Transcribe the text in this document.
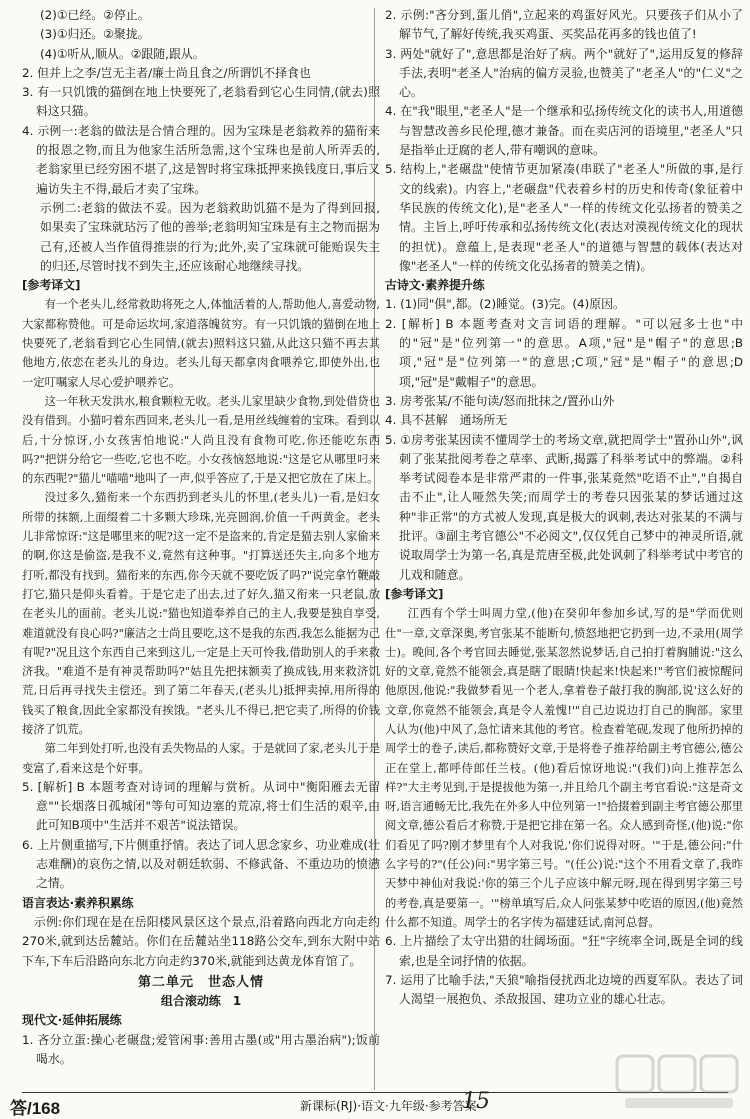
(2)①已经。②停止。

(3)①归还。②聚拢。

(4)①听从,顺从。②跟随,跟从。

2. 但并上之李/岂无主者/廉士尚且食之/所谓饥不择食也

3. 有一只饥饿的猫倒在地上快要死了,老翁看到它心生同情,(就去)照料这只猫。

4. 示例一:老翁的做法是合情合理的。因为宝珠是老翁救养的猫衔来的报恩之物,而且为他家生活所急需,这个宝珠也是前人所弄丢的,老翁家里已经穷困不堪了,这是智时将宝珠抵押来换钱度日,事后又遍访失主不得,最后才卖了宝珠。

示例二:老翁的做法不妥。因为老翁救助饥猫不是为了得到回报,如果卖了宝珠就玷污了他的善举;老翁明知宝珠是有主之物而据为己有,还被人当作值得推崇的行为;此外,卖了宝珠就可能贻误失主的归还,尽管时找不到失主,还应该耐心地继续寻找。

[参考译文]

有一个老头儿,经常救助将死之人,体恤活着的人,帮助他人,喜爱动物,大家都称赞他。可是命运坎坷,家道落魄贫穷。有一只饥饿的猫倒在地上快要死了,老翁看到它心生同情,(就去)照料这只猫,从此这只猫不再去其他地方,依恋在老头儿的身边。老头儿每天都拿肉食喂养它,即使外出,也一定叮嘱家人尽心爱护喂养它。

这一年秋天发洪水,粮食颗粒无收。老头儿家里缺少食物,到处借贷也没有借到。小猫叼着东西回来,老头儿一看,是用丝线缠着的宝珠。看到以后,十分惊讶,小女孩害怕地说:"人尚且没有食物可吃,你还能吃东西吗?"把饼分给它一些吃,它也不吃。小女孩恼怒地说:"这是它从哪里叼来的东西呢?"猫儿"喵喵"地叫了一声,似乎答应了,于是又把它放在了床上。

没过多久,猫衔来一个东西扔到老头儿的怀里,(老头儿)一看,是妇女所带的抹额,上面缀着二十多颗大珍珠,光亮圆润,价值一千两黄金。老头儿非常惊讶:"这是哪里来的呢?这一定不是盗来的,肯定是猫去别人家偷来的啊,你这是偷盗,是我不义,竟然有这种事。"打算送还失主,向多个地方打听,都没有找到。猫衔来的东西,你今天就不要吃饭了吗?"说完拿竹鞭敲打它,猫只是仰头看着。于是它走了出去,过了好久,猫又衔来一只老鼠,放在老头儿的面前。老头儿说:"猫也知道奉养自己的主人,我要是独自享受,难道就没有良心吗?"廉洁之士尚且要吃,这不是我的东西,我怎么能据为己有呢?"况且这个东西自己来到这儿,一定是上天可怜我,借助别人的手来救济我。"难道不是有神灵帮助吗?"姑且先把抹额卖了换成钱,用来救济饥荒,日后再寻找失主偿还。到了第二年春天,(老头儿)抵押卖掉,用所得的钱买了粮食,因此全家都没有挨饿。"老头儿不得已,把它卖了,所得的价钱接济了饥荒。

第二年到处打听,也没有丢失物品的人家。于是就回了家,老头儿于是变富了,看来这是个好事。

5. [解析] B 本题考查对诗词的理解与赏析。从词中"衡阳雁去无留意""长烟落日孤城闭"等句可知边塞的荒凉,将士们生活的艰辛,由此可知B项中"生活并不艰苦"说法错误。

6. 上片侧重描写,下片侧重抒情。表达了词人思念家乡、功业难成(壮志难酬)的哀伤之情,以及对朝廷软弱、不修武备、不重边功的愤懑之情。

语言表达·素养积累练

示例:你们现在是在岳阳楼风景区这个景点,沿着路向西北方向走约270米,就到达岳麓站。你们在岳麓站坐118路公交车,到东大附中站下车,下车后沿路向东北方向走约370米,就能到达黄龙体育馆了。

第二单元　世态人情

组合滚动练　1

现代文·延伸拓展练

1. 吝分立蛋:操心老碾盘;爱管闲事:善用古墨(或"用古墨治病");饭前喝水。

2. 示例:"吝分到,蛋儿俏",立起来的鸡蛋好风光。只要孩子们从小了解节气,了解好传统,我买鸡蛋、买奖品花再多的钱也值了!

3. 两处"就好了",意思都是治好了病。两个"就好了",运用反复的修辞手法,表明"老圣人"治病的偏方灵验,也赞美了"老圣人"的"仁义"之心。

4. 在"我"眼里,"老圣人"是一个继承和弘扬传统文化的读书人,用道德与智慧改善乡民伦理,德才兼备。而在卖店河的语境里,"老圣人"只是指举止迂腐的老人,带有嘲讽的意味。

5. 结构上,"老碾盘"使情节更加紧凑(串联了"老圣人"所做的事,是行文的线索)。内容上,"老碾盘"代表着乡村的历史和传奇(象征着中华民族的传统文化),是"老圣人"一样的传统文化弘扬者的赞美之情。主旨上,呼吁传承和弘扬传统文化(表达对漠视传统文化的现状的担忧)。意蕴上,是表现"老圣人"的道德与智慧的载体(表达对像"老圣人"一样的传统文化弘扬者的赞美之情)。

古诗文·素养提升练

1. (1)同"俱",都。(2)睡觉。(3)完。(4)原因。

2. [解析] B 本题考查对文言词语的理解。"可以冠多士也"中的"冠"是"位列第一"的意思。A项,"冠"是"帽子"的意思;B项,"冠"是"位列第一"的意思;C项,"冠"是"帽子"的意思;D项,"冠"是"戴帽子"的意思。

3. 房考张某/不能句读/怒而批抹之/置孙山外

4. 具不甚解　通场所无

5. ①房考张某因读不懂周学士的考场文章,就把周学士"置孙山外",讽刺了张某批阅考卷之草率、武断,揭露了科举考试中的弊端。②科举考试阅卷本是非常严肃的一件事,张某竟然"吃语不止","自揭自击不止",让人哑然失笑;而周学士的考卷只因张某的梦话通过这种"非正常"的方式被人发现,真是极大的讽刺,表达对张某的不满与批评。③副主考官德公"不必阅文",仅仅凭自己梦中的神灵所语,就说取周学士为第一名,真是荒唐至极,此处讽刺了科举考试中考官的儿戏和随意。

[参考译文]

江西有个学士叫周力堂,(他)在癸卯年参加乡试,写的是"学而优则仕"一章,文章深奥,考官张某不能断句,愤怒地把它扔到一边,不录用(周学士)。晚间,各个考官回去睡觉,张某忽然说梦话,自己拍打着胸脯说:"这么好的文章,竟然不能领会,真是瞎了眼睛!快起来!快起来!"考官们被惊醒问他原因,他说:"我做梦看见一个老人,拿着卷子敲打我的胸部,说'这么好的文章,你竟然不能领会,真是令人羞愧!'"自己边说边打自己的胸部。家里人认为(他)中风了,急忙请来其他的考官。检查着笔砚,发现了他所扔掉的周学士的卷子,读后,都称赞好文章,于是将卷子推荐给副主考官德公,德公正在堂上,都呼侍郎任兰枝。(他)看后惊讶地说:"(我们)向上推荐怎么样?"大主考见到,于是提拔他为第一,并且给几个副主考官看说:"这是奇文呀,语言通畅无比,我先在外多人中位列第一!"拾掇着到副主考官德公那里阅文章,德公看后才称赞,于是把它排在第一名。众人感到奇怪,(他)说:"你们看见了吗?刚才梦里有个人对我说,'你们说得对呀。'"于是,德公问:"什么字号的?"(任公)问:"男字第三号。"(任公)说:"这个不用看文章了,我昨天梦中神仙对我说:'你的第三个儿子应该中解元呀,现在得到男字第三号的考卷,真是要第一。'"榜单填写后,众人问张某梦中吃语的原因,(他)竟然什么都不知道。周学士的名字传为福建廷试,南河总督。

6. 上片描绘了太守出猎的壮阔场面。"狂"字统率全词,既是全词的线索,也是全词抒情的依据。

7. 运用了比喻手法,"天狼"喻指侵扰西北边境的西夏军队。表达了词人渴望一展抱负、杀敌报国、建功立业的雄心壮志。

答/168	新课标(RJ)·语文·九年级·参考答案
15
